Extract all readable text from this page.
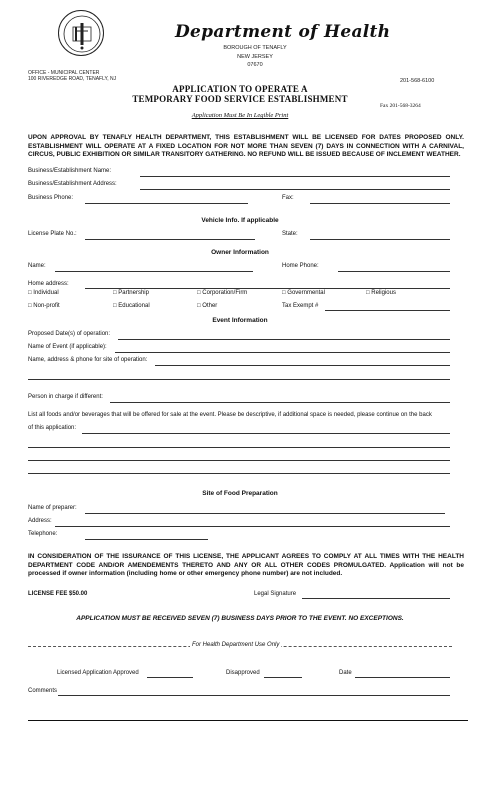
Department of Health
BOROUGH OF TENAFLY
NEW JERSEY
07670
OFFICE - MUNICIPAL CENTER
100 RIVEREDGE ROAD, TENAFLY, NJ	201-568-6100
APPLICATION TO OPERATE A
TEMPORARY FOOD SERVICE ESTABLISHMENT
Fax 201-568-3264
Application Must Be In Legible Print
UPON APPROVAL BY TENAFLY HEALTH DEPARTMENT, THIS ESTABLISHMENT WILL BE LICENSED FOR DATES PROPOSED ONLY. ESTABLISHMENT WILL OPERATE AT A FIXED LOCATION FOR NOT MORE THAN SEVEN (7) DAYS IN CONNECTION WITH A CARNIVAL, CIRCUS, PUBLIC EXHIBITION OR SIMILAR TRANSITORY GATHERING. NO REFUND WILL BE ISSUED BECAUSE OF INCLEMENT WEATHER.
Business/Establishment Name:
Business/Establishment Address:
Business Phone:	Fax:
Vehicle Info. If applicable
License Plate No.:	State:
Owner Information
Name:	Home Phone:
Home address:
□ Individual	□ Partnership	□ Corporation/Firm	□ Governmental	□ Religious
□ Non-profit	□ Educational	□ Other	Tax Exempt #
Event Information
Proposed Date(s) of operation:
Name of Event (if applicable):
Name, address & phone for site of operation:
Person in charge if different:
List all foods and/or beverages that will be offered for sale at the event. Please be descriptive, if additional space is needed, please continue on the back
of this application:
Site of Food Preparation
Name of preparer:
Address:
Telephone:
IN CONSIDERATION OF THE ISSURANCE OF THIS LICENSE, THE APPLICANT AGREES TO COMPLY AT ALL TIMES WITH THE HEALTH DEPARTMENT CODE AND/OR AMENDEMENTS THERETO AND ANY OR ALL OTHER CODES PROMULGATED. Application will not be processed if owner information (including home or other emergency phone number) are not included.
LICENSE FEE $50.00	Legal Signature
APPLICATION MUST BE RECEIVED SEVEN (7) BUSINESS DAYS PRIOR TO THE EVENT. NO EXCEPTIONS.
For Health Department Use Only
Licensed Application Approved	Disapproved	Date
Comments
